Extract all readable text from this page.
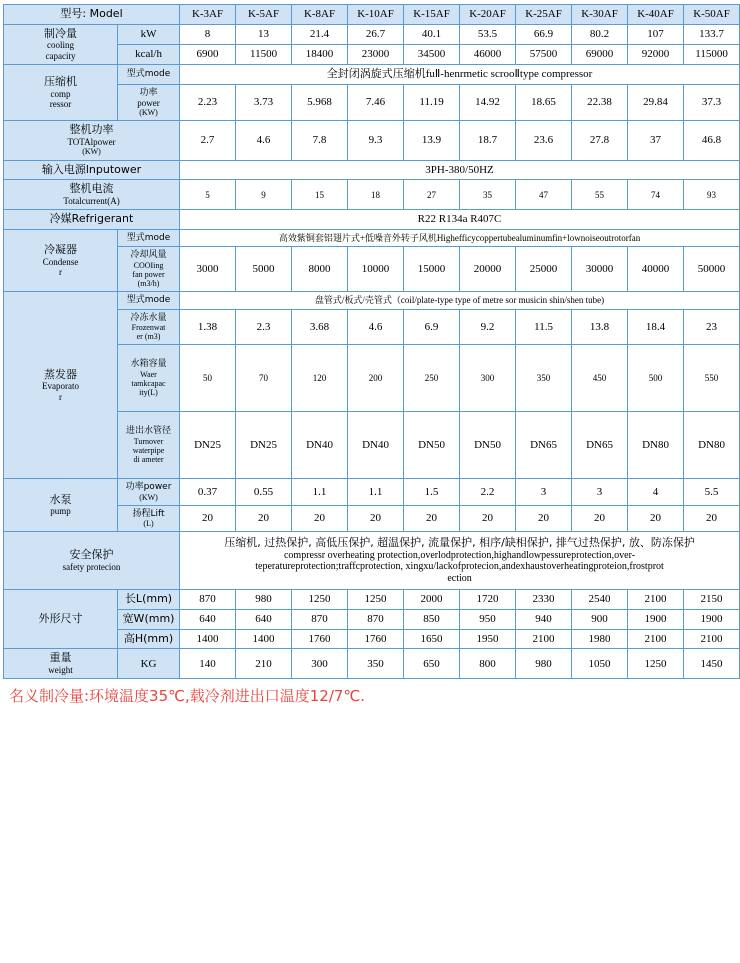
型号: Model		K-3AF	K-5AF	K-8AF	K-10AF	K-15AF	K-20AF	K-25AF	K-30AF	K-40AF	K-50AF

制冷量
cooling
capacity	kW	8	13	21.4	26.7	40.1	53.5	66.9	80.2	107	133.7
	kcal/h	6900	11500	18400	23000	34500	46000	57500	69000	92000	115000

压缩机
comp
ressor	型式mode	全封闭涡旋式压缩机fuⅡ-henrmetic scrooⅡtype compressor									

	功率
power
(KW)	2.23	3.73	5.968	7.46	11.19	14.92	18.65	22.38	29.84	37.3

整机功率
TOTAlpower
(KW)		2.7	4.6	7.8	9.3	13.9	18.7	23.6	27.8	37	46.8
输入电源lnputower		3PH-380/50HZ									

整机电流
Totalcurrent(A)		5	9	15	18	27	35	47	55	74	93
冷媒Refrigerant		R22 R134a R407C									

冷凝器
Condense
r	型式mode	高效紫铜套铝翅片式+低噪音外转子风机Highefficycoppertubealuminumfin+lownoiseoutrotorfan									

	冷却风量
COOIing
fan power
(m3/h)	3000	5000	8000	10000	15000	20000	25000	30000	40000	50000

蒸发器
Evaporato
r	型式mode	盘管式/板式/壳管式（coil/plate-type type of metre sor musicin shin/shen tube)									

	冷冻水量
Frozenwat
er (m3)	1.38	2.3	3.68	4.6	6.9	9.2	11.5	13.8	18.4	23

	水箱容量
Waer
tamkcapac
ity(L)	50	70	120	200	250	300	350	450	500	550

	进出水管径
Turnover
waterpipe
di ameter	DN25	DN25	DN40	DN40	DN50	DN50	DN65	DN65	DN80	DN80

水泵
pump	功率power
(KW)	0.37	0.55	1.1	1.1	1.5	2.2	3	3	4	5.5

	扬程Lift
(L)	20	20	20	20	20	20	20	20	20	20

安全保护
safety protecion		压缩机, 过热保护, 高低压保护, 超温保护, 流量保护, 相序/缺相保护, 排气过热保护, 放、防冻保护
compressr overheating protection,overlodprotection,highandlowpessureprotection,over-
teperatureprotection;traffcprotection, xingxu/lackofprotecion,andexhaustoverheatingproteion,frostprot
ection									

外形尺寸	长L(mm)	870	980	1250	1250	2000	1720	2330	2540	2100	2150
	宽W(mm)	640	640	870	870	850	950	940	900	1900	1900
	高H(mm)	1400	1400	1760	1760	1650	1950	2100	1980	2100	2100

重量
weight	KG	140	210	300	350	650	800	980	1050	1250	1450
名义制冷量:环境温度35℃,载冷剂进出口温度12/7℃.
